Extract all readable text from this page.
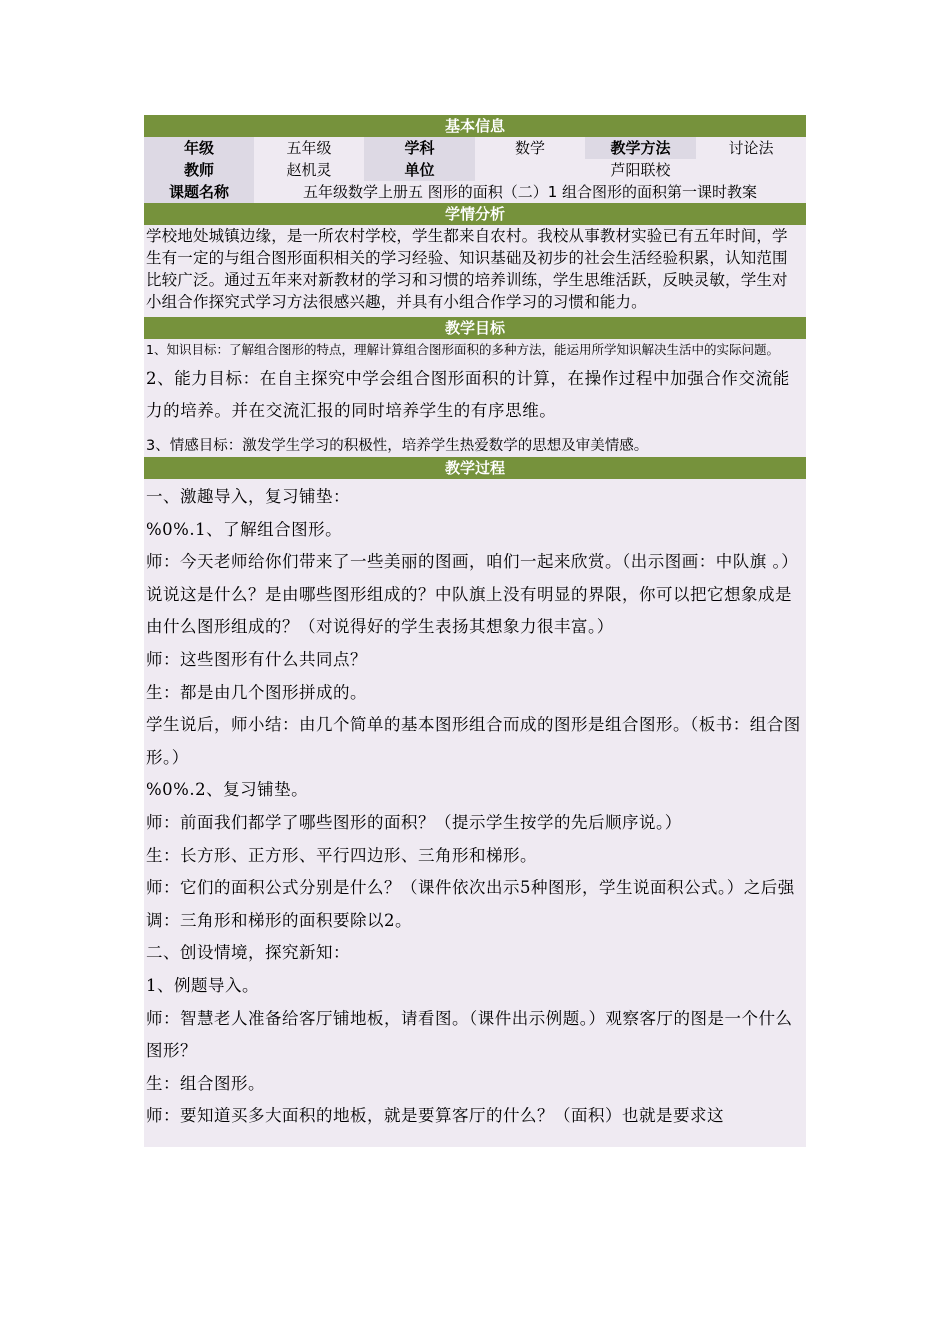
基本信息
年级	五年级	学科	数学	教学方法	讨论法
教师	赵机灵	单位	芦阳联校
课题名称	五年级数学上册五 图形的面积（二）1 组合图形的面积第一课时教案
学情分析
学校地处城镇边缘，是一所农村学校，学生都来自农村。我校从事教材实验已有五年时间，学生有一定的与组合图形面积相关的学习经验、知识基础及初步的社会生活经验积累，认知范围比较广泛。通过五年来对新教材的学习和习惯的培养训练，学生思维活跃，反映灵敏，学生对小组合作探究式学习方法很感兴趣，并具有小组合作学习的习惯和能力。
教学目标
1、知识目标：了解组合图形的特点，理解计算组合图形面积的多种方法，能运用所学知识解决生活中的实际问题。
2、能力目标：在自主探究中学会组合图形面积的计算，在操作过程中加强合作交流能力的培养。并在交流汇报的同时培养学生的有序思维。
3、情感目标：激发学生学习的积极性，培养学生热爱数学的思想及审美情感。
教学过程

一、激趣导入，复习铺垫：

%0%.1、了解组合图形。

师：今天老师给你们带来了一些美丽的图画，咱们一起来欣赏。（出示图画：中队旗 。）

说说这是什么？是由哪些图形组成的？中队旗上没有明显的界限，你可以把它想象成是由什么图形组成的？（对说得好的学生表扬其想象力很丰富。）

师：这些图形有什么共同点？

生：都是由几个图形拼成的。

学生说后，师小结：由几个简单的基本图形组合而成的图形是组合图形。（板书：组合图形。）

%0%.2、复习铺垫。

师：前面我们都学了哪些图形的面积？（提示学生按学的先后顺序说。）

生：长方形、正方形、平行四边形、三角形和梯形。

师：它们的面积公式分别是什么？（课件依次出示5种图形，学生说面积公式。）之后强调：三角形和梯形的面积要除以2。

二、创设情境，探究新知：

1、例题导入。

师：智慧老人准备给客厅铺地板，请看图。（课件出示例题。）观察客厅的图是一个什么图形？

生：组合图形。

师：要知道买多大面积的地板，就是要算客厅的什么？（面积）也就是要求这
